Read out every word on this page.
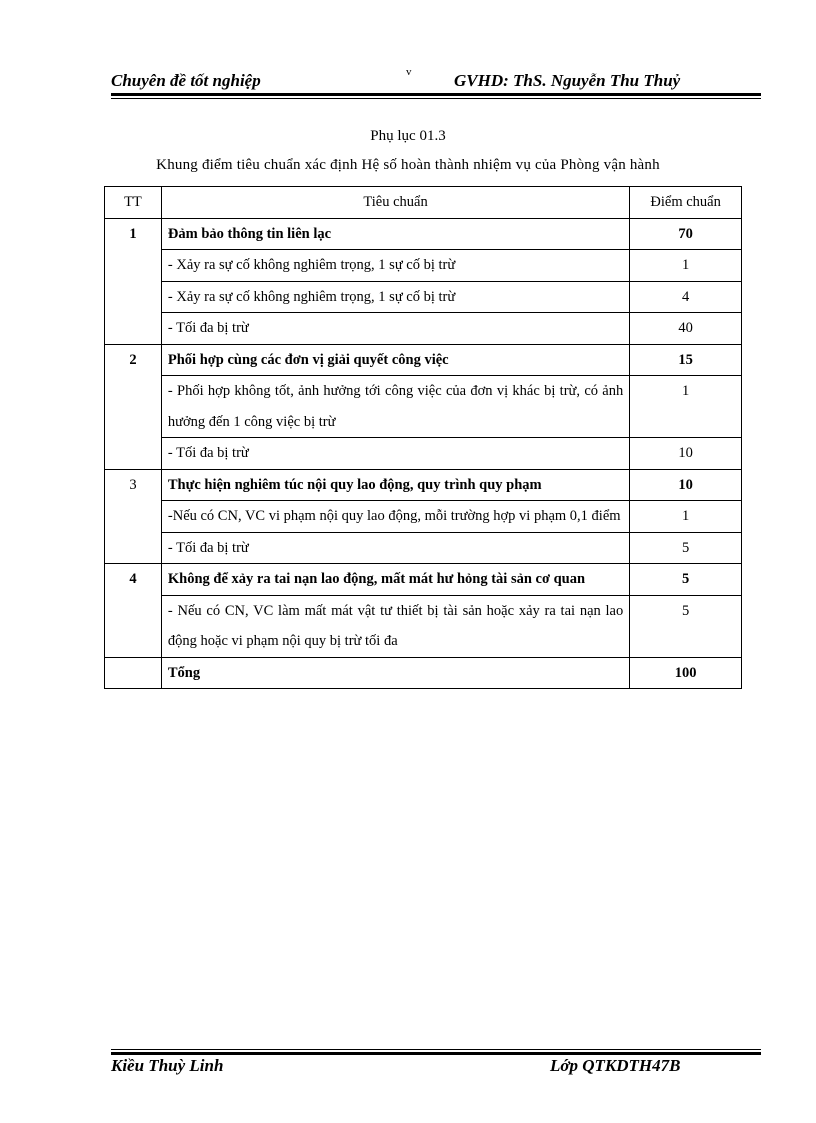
Chuyên đề tốt nghiệp	v	GVHD: ThS. Nguyễn Thu Thuỷ
Phụ lục 01.3
Khung điểm tiêu chuẩn xác định Hệ số hoàn thành nhiệm vụ của Phòng vận hành
TT	Tiêu chuẩn	Điểm chuẩn
1	Đảm bảo thông tin liên lạc	70
	- Xảy ra sự cố không nghiêm trọng, 1 sự cố bị trừ	1
	- Xảy ra sự cố không nghiêm trọng, 1 sự cố bị trừ	4
	- Tối đa bị trừ	40
2	Phối hợp cùng các đơn vị giải quyết công việc	15
	- Phối hợp không tốt, ảnh hưởng tới công việc của đơn vị khác bị trừ, có ảnh hưởng đến 1 công việc bị trừ	1
	- Tối đa bị trừ	10
3	Thực hiện nghiêm túc nội quy lao động, quy trình quy phạm	10
	-Nếu có CN, VC vi phạm nội quy lao động, mỗi trường hợp vi phạm 0,1 điểm	1
	- Tối đa bị trừ	5
4	Không để xảy ra tai nạn lao động, mất mát hư hỏng tài sản cơ quan	5
	- Nếu có CN, VC làm mất mát vật tư thiết bị tài sản hoặc xảy ra tai nạn lao động hoặc vi phạm nội quy bị trừ tối đa	5
	Tổng	100
Kiều Thuỳ Linh	Lớp QTKDTH47B
